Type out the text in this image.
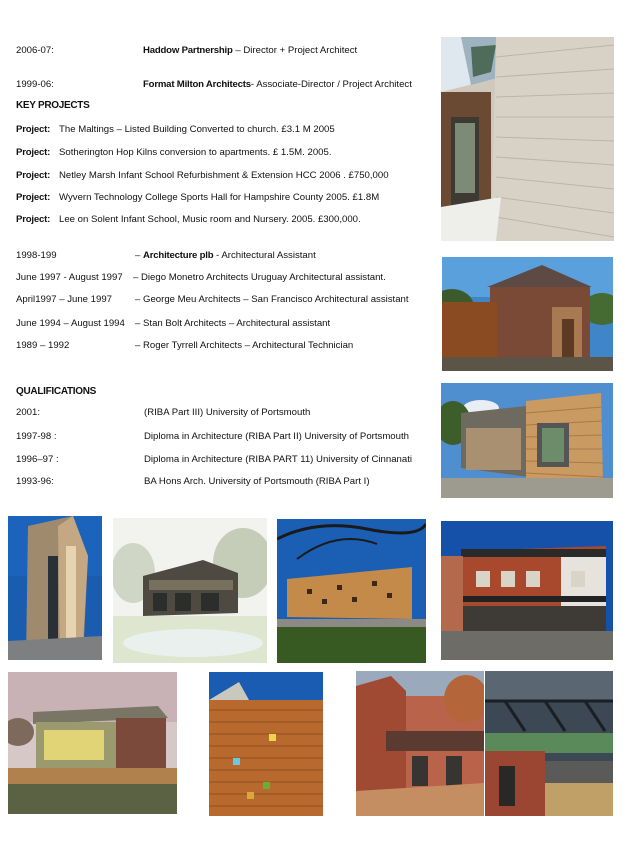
2006-07:	Haddow Partnership – Director + Project Architect
1999-06:	Format Milton Architects- Associate-Director / Project Architect
KEY PROJECTS
Project: The Maltings – Listed Building Converted to church. £3.1 M 2005
Project: Sotherington Hop Kilns conversion to apartments. £ 1.5M. 2005.
Project: Netley Marsh Infant School Refurbishment & Extension HCC 2006 . £750,000
Project: Wyvern Technology College Sports Hall for Hampshire County 2005. £1.8M
Project: Lee on Solent Infant School, Music room and Nursery. 2005. £300,000.
1998-199	– Architecture plb - Architectural Assistant
June 1997 - August 1997 – Diego Monetro Architects Uruguay Architectural assistant.
April1997 – June 1997 – George Meu Architects – San Francisco Architectural assistant
June 1994 – August 1994 – Stan Bolt Architects – Architectural assistant
1989 – 1992	– Roger Tyrrell Architects – Architectural Technician
QUALIFICATIONS
2001:	(RIBA Part III) University of Portsmouth
1997-98 :	Diploma in Architecture (RIBA Part II) University of Portsmouth
1996–97 :	Diploma in Architecture (RIBA PART 11) University of Cinnanati
1993-96:	BA Hons Arch. University of Portsmouth (RIBA Part I)
